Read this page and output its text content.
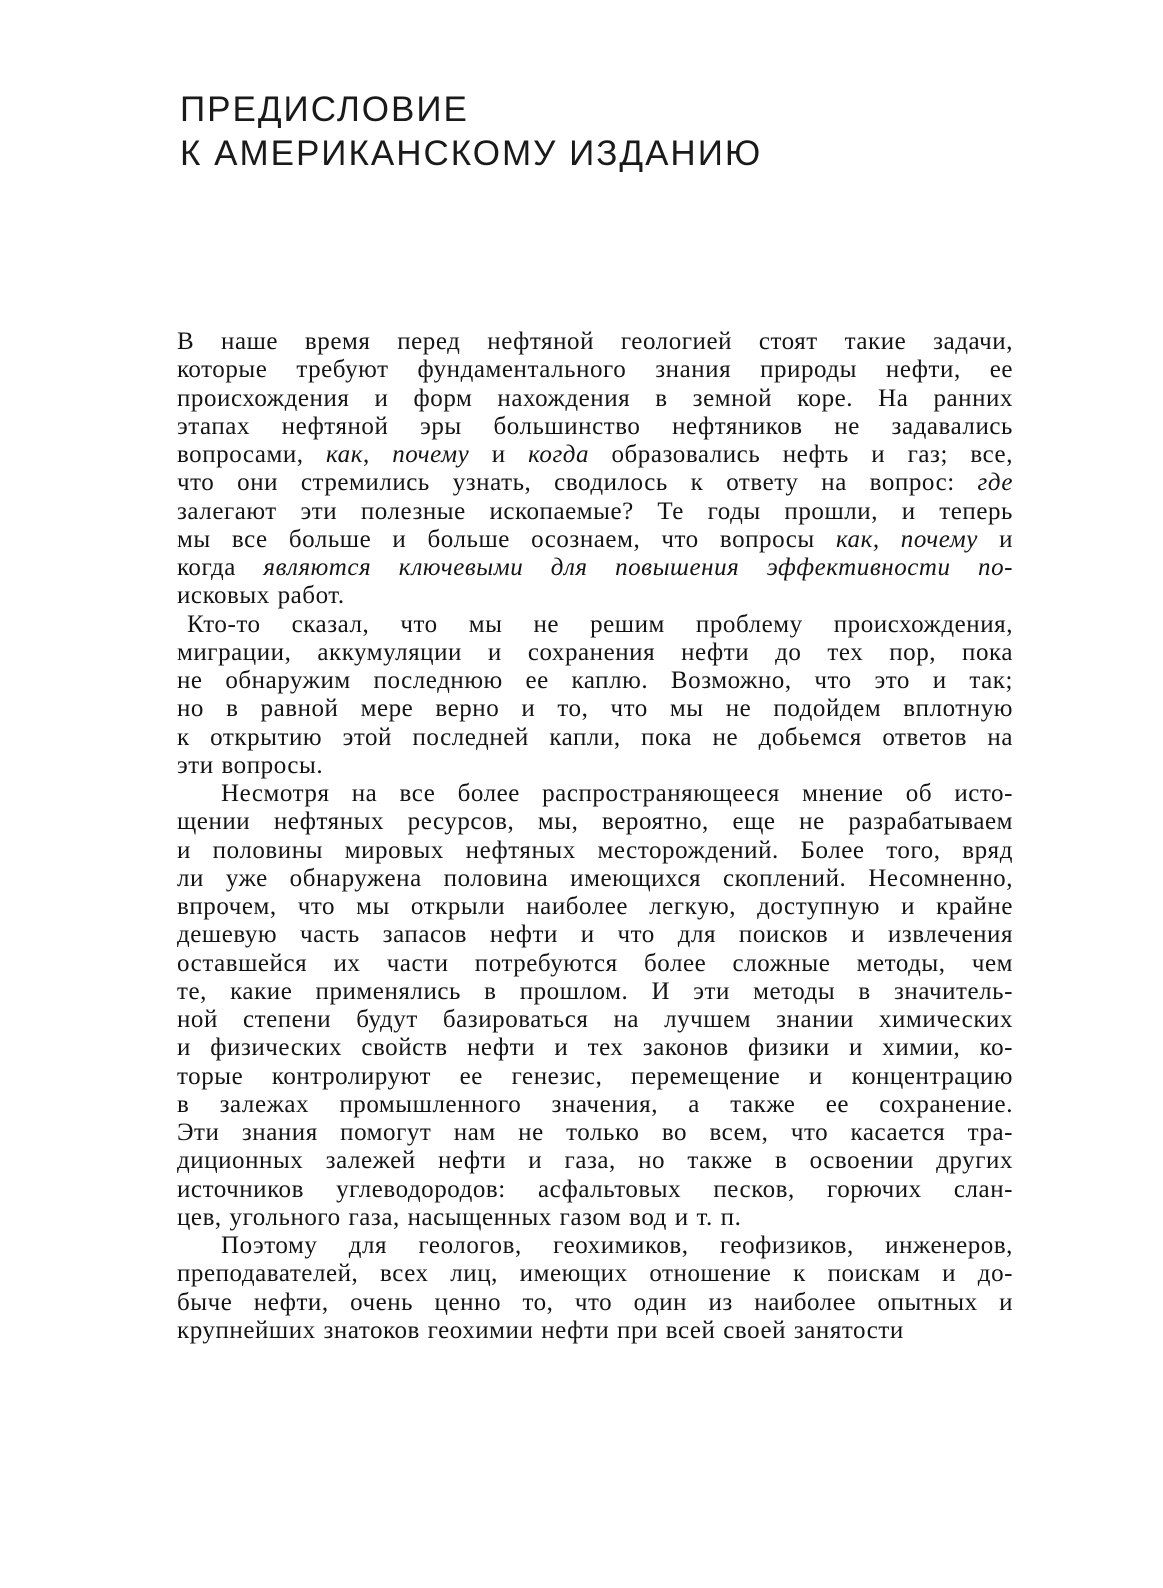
ПРЕДИСЛОВИЕ
К АМЕРИКАНСКОМУ ИЗДАНИЮ
В наше время перед нефтяной геологией стоят такие задачи,
которые требуют фундаментального знания природы нефти, ее
происхождения и форм нахождения в земной коре. На ранних
этапах нефтяной эры большинство нефтяников не задавались
вопросами, как, почему и когда образовались нефть и газ; все,
что они стремились узнать, сводилось к ответу на вопрос: где
залегают эти полезные ископаемые? Те годы прошли, и теперь
мы все больше и больше осознаем, что вопросы как, почему и
когда являются ключевыми для повышения эффективности по-
исковых работ.
Кто-то сказал, что мы не решим проблему происхождения,
миграции, аккумуляции и сохранения нефти до тех пор, пока
не обнаружим последнюю ее каплю. Возможно, что это и так;
но в равной мере верно и то, что мы не подойдем вплотную
к открытию этой последней капли, пока не добьемся ответов на
эти вопросы.
Несмотря на все более распространяющееся мнение об исто-
щении нефтяных ресурсов, мы, вероятно, еще не разрабатываем
и половины мировых нефтяных месторождений. Более того, вряд
ли уже обнаружена половина имеющихся скоплений. Несомненно,
впрочем, что мы открыли наиболее легкую, доступную и крайне
дешевую часть запасов нефти и что для поисков и извлечения
оставшейся их части потребуются более сложные методы, чем
те, какие применялись в прошлом. И эти методы в значитель-
ной степени будут базироваться на лучшем знании химических
и физических свойств нефти и тех законов физики и химии, ко-
торые контролируют ее генезис, перемещение и концентрацию
в залежах промышленного значения, а также ее сохранение.
Эти знания помогут нам не только во всем, что касается тра-
диционных залежей нефти и газа, но также в освоении других
источников углеводородов: асфальтовых песков, горючих слан-
цев, угольного газа, насыщенных газом вод и т. п.
Поэтому для геологов, геохимиков, геофизиков, инженеров,
преподавателей, всех лиц, имеющих отношение к поискам и до-
быче нефти, очень ценно то, что один из наиболее опытных и
крупнейших знатоков геохимии нефти при всей своей занятости
